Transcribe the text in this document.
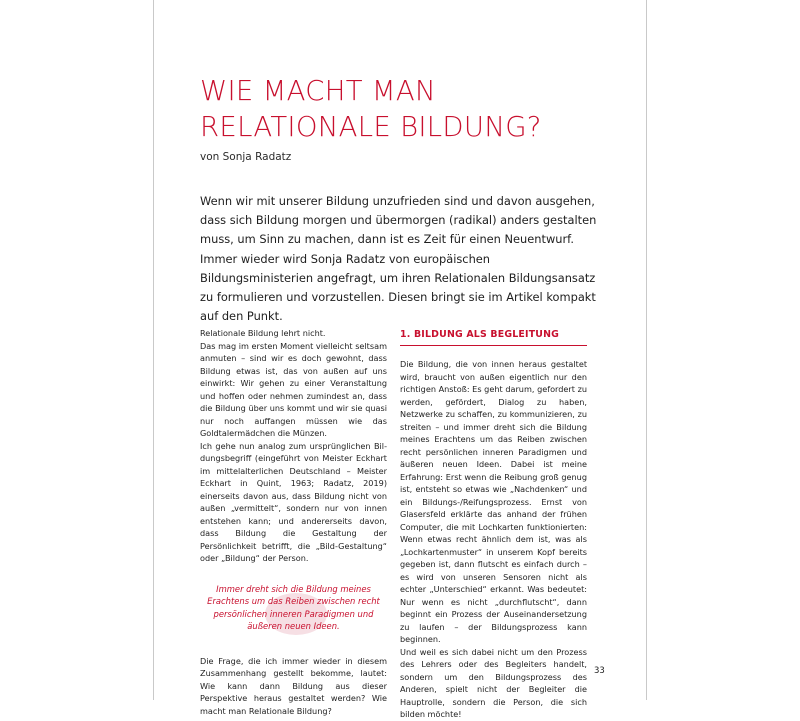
WIE MACHT MAN
RELATIONALE BILDUNG?
von Sonja Radatz

Wenn wir mit unserer Bildung unzufrieden sind und davon ausgehen, dass sich Bildung morgen und übermorgen (radikal) anders gestalten muss, um Sinn zu machen, dann ist es Zeit für einen Neuentwurf. Immer wieder wird Sonja Radatz von europäischen Bildungsministerien angefragt, um ihren Relationalen Bildungsansatz zu formulieren und vorzustellen. Diesen bringt sie im Artikel kompakt auf den Punkt.

Relationale Bildung lehrt nicht.

Das mag im ersten Moment vielleicht seltsam anmuten – sind wir es doch gewohnt, dass Bildung etwas ist, das von außen auf uns einwirkt: Wir gehen zu einer Veranstaltung und hoffen oder nehmen zumindest an, dass die Bildung über uns kommt und wir sie quasi nur noch auffangen müssen wie das Goldtalermädchen die Münzen.

Ich gehe nun analog zum ursprünglichen Bildungsbegriff (eingeführt von Meister Eckhart im mittelalterlichen Deutschland – Meister Eckhart in Quint, 1963; Radatz, 2019) einerseits davon aus, dass Bildung nicht von außen „vermittelt“, sondern nur von innen entstehen kann; und andererseits davon, dass Bildung die Gestaltung der Persönlichkeit betrifft, die „Bild-Gestaltung“ oder „Bildung“ der Person.

Immer dreht sich die Bildung meines Erachtens um das Reiben zwischen recht persönlichen inneren Paradigmen und äußeren neuen Ideen.

Die Frage, die ich immer wieder in diesem Zusammenhang gestellt bekomme, lautet: Wie kann dann Bildung aus dieser Perspektive heraus gestaltet werden? Wie macht man Relationale Bildung?

1. BILDUNG ALS BEGLEITUNG

Die Bildung, die von innen heraus gestaltet wird, braucht von außen eigentlich nur den richtigen Anstoß: Es geht darum, gefordert zu werden, gefördert, Dialog zu haben, Netzwerke zu schaffen, zu kommunizieren, zu streiten – und immer dreht sich die Bildung meines Erachtens um das Reiben zwischen recht persönlichen inneren Paradigmen und äußeren neuen Ideen. Dabei ist meine Erfahrung: Erst wenn die Reibung groß genug ist, entsteht so etwas wie „Nachdenken“ und ein Bildungs-/Reifungsprozess. Ernst von Glasersfeld erklärte das anhand der frühen Computer, die mit Lochkarten funktionierten: Wenn etwas recht ähnlich dem ist, was als „Lochkartenmuster“ in unserem Kopf bereits gegeben ist, dann flutscht es einfach durch – es wird von unseren Sensoren nicht als echter „Unterschied“ erkannt. Was bedeutet: Nur wenn es nicht „durchflutscht“, dann beginnt ein Prozess der Auseinandersetzung zu laufen – der Bildungsprozess kann beginnen.

Und weil es sich dabei nicht um den Prozess des Lehrers oder des Begleiters handelt, sondern um den Bildungsprozess des Anderen, spielt nicht der Begleiter die Hauptrolle, sondern die Person, die sich bilden möchte!

33
